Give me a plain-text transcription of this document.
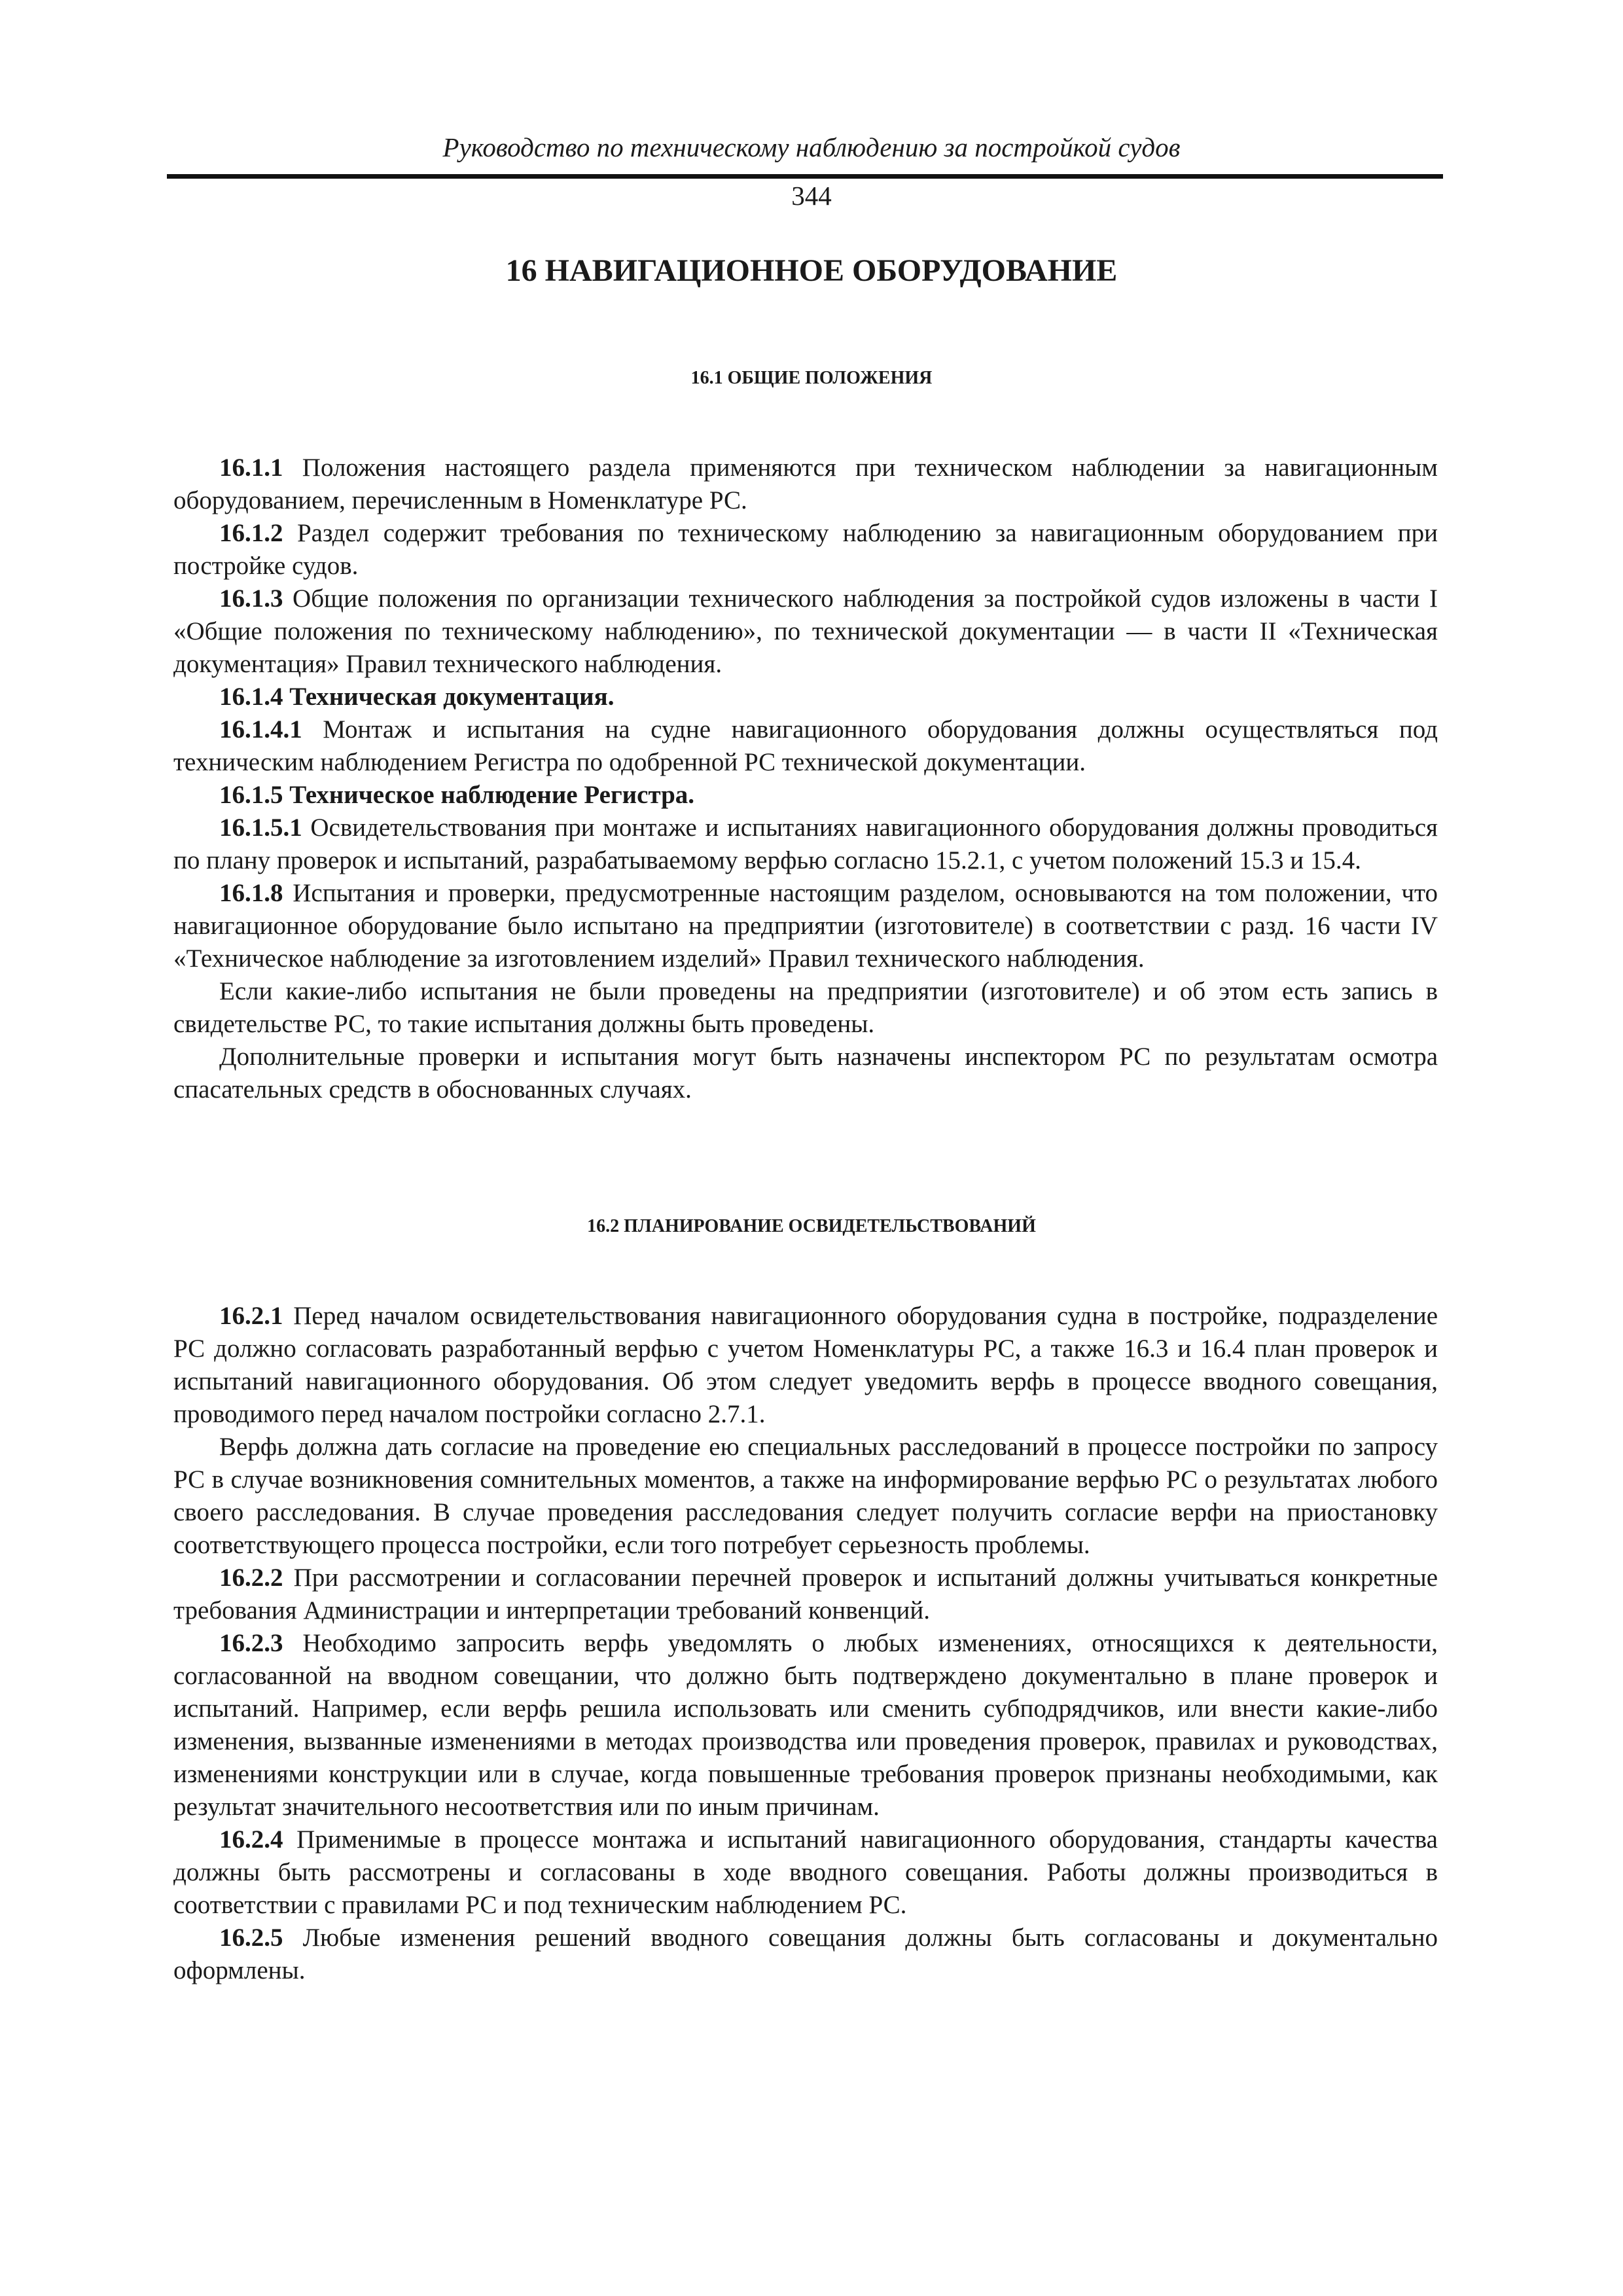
Руководство по техническому наблюдению за постройкой судов
344
16 НАВИГАЦИОННОЕ ОБОРУДОВАНИЕ
16.1 ОБЩИЕ ПОЛОЖЕНИЯ

16.1.1 Положения настоящего раздела применяются при техническом наблюдении за навигационным оборудованием, перечисленным в Номенклатуре РС.

16.1.2 Раздел содержит требования по техническому наблюдению за навигационным оборудованием при постройке судов.

16.1.3 Общие положения по организации технического наблюдения за постройкой судов изложены в части I «Общие положения по техническому наблюдению», по технической документации — в части II «Техническая документация» Правил технического наблюдения.

16.1.4 Техническая документация.

16.1.4.1 Монтаж и испытания на судне навигационного оборудования должны осуществляться под техническим наблюдением Регистра по одобренной РС технической документации.

16.1.5 Техническое наблюдение Регистра.

16.1.5.1 Освидетельствования при монтаже и испытаниях навигационного оборудования должны проводиться по плану проверок и испытаний, разрабатываемому верфью согласно 15.2.1, с учетом положений 15.3 и 15.4.

16.1.8 Испытания и проверки, предусмотренные настоящим разделом, основываются на том положении, что навигационное оборудование было испытано на предприятии (изготовителе) в соответствии с разд. 16 части IV «Техническое наблюдение за изготовлением изделий» Правил технического наблюдения.

Если какие-либо испытания не были проведены на предприятии (изготовителе) и об этом есть запись в свидетельстве РС, то такие испытания должны быть проведены.

Дополнительные проверки и испытания могут быть назначены инспектором РС по результатам осмотра спасательных средств в обоснованных случаях.

16.2 ПЛАНИРОВАНИЕ ОСВИДЕТЕЛЬСТВОВАНИЙ

16.2.1 Перед началом освидетельствования навигационного оборудования судна в постройке, подразделение РС должно согласовать разработанный верфью с учетом Номенклатуры РС, а также 16.3 и 16.4 план проверок и испытаний навигационного оборудования. Об этом следует уведомить верфь в процессе вводного совещания, проводимого перед началом постройки согласно 2.7.1.

Верфь должна дать согласие на проведение ею специальных расследований в процессе постройки по запросу РС в случае возникновения сомнительных моментов, а также на информирование верфью РС о результатах любого своего расследования. В случае проведения расследования следует получить согласие верфи на приостановку соответствующего процесса постройки, если того потребует серьезность проблемы.

16.2.2 При рассмотрении и согласовании перечней проверок и испытаний должны учитываться конкретные требования Администрации и интерпретации требований конвенций.

16.2.3 Необходимо запросить верфь уведомлять о любых изменениях, относящихся к деятельности, согласованной на вводном совещании, что должно быть подтверждено документально в плане проверок и испытаний. Например, если верфь решила использовать или сменить субподрядчиков, или внести какие-либо изменения, вызванные изменениями в методах производства или проведения проверок, правилах и руководствах, изменениями конструкции или в случае, когда повышенные требования проверок признаны необходимыми, как результат значительного несоответствия или по иным причинам.

16.2.4 Применимые в процессе монтажа и испытаний навигационного оборудования, стандарты качества должны быть рассмотрены и согласованы в ходе вводного совещания. Работы должны производиться в соответствии с правилами РС и под техническим наблюдением РС.

16.2.5 Любые изменения решений вводного совещания должны быть согласованы и документально оформлены.
